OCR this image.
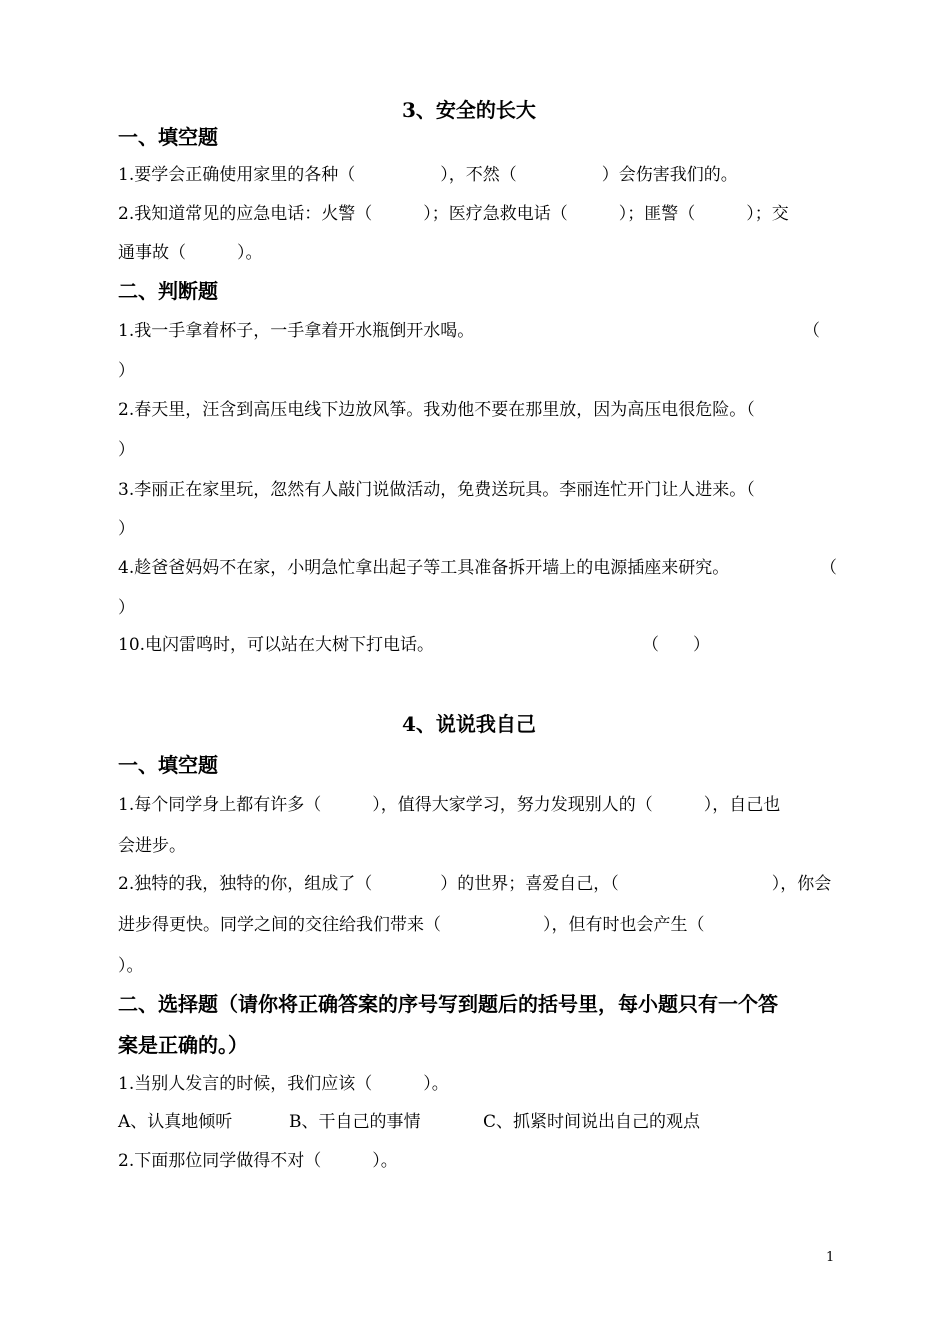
3、安全的长大
一、填空题
1.要学会正确使用家里的各种（　　　　　），不然（　　　　　）会伤害我们的。
2.我知道常见的应急电话：火警（　　　）；医疗急救电话（　　　）；匪警（　　　）；交
通事故（　　　）。
二、判断题
1.我一手拿着杯子，一手拿着开水瓶倒开水喝。	（
）
2.春天里，汪含到高压电线下边放风筝。我劝他不要在那里放，因为高压电很危险。（
）
3.李丽正在家里玩，忽然有人敲门说做活动，免费送玩具。李丽连忙开门让人进来。（
）
4.趁爸爸妈妈不在家，小明急忙拿出起子等工具准备拆开墙上的电源插座来研究。	（
）
10.电闪雷鸣时，可以站在大树下打电话。	（　　）
4、说说我自己
一、填空题
1.每个同学身上都有许多（　　　），值得大家学习，努力发现别人的（　　　），自己也
会进步。
2.独特的我，独特的你，组成了（　　　　）的世界；喜爱自己，（　　　　　　　　　），你会
进步得更快。同学之间的交往给我们带来（　　　　　　），但有时也会产生（
）。
二、选择题（请你将正确答案的序号写到题后的括号里，每小题只有一个答
案是正确的。）
1.当别人发言的时候，我们应该（　　　）。
A、认真地倾听	B、干自己的事情	C、抓紧时间说出自己的观点
2.下面那位同学做得不对（　　　）。
1
